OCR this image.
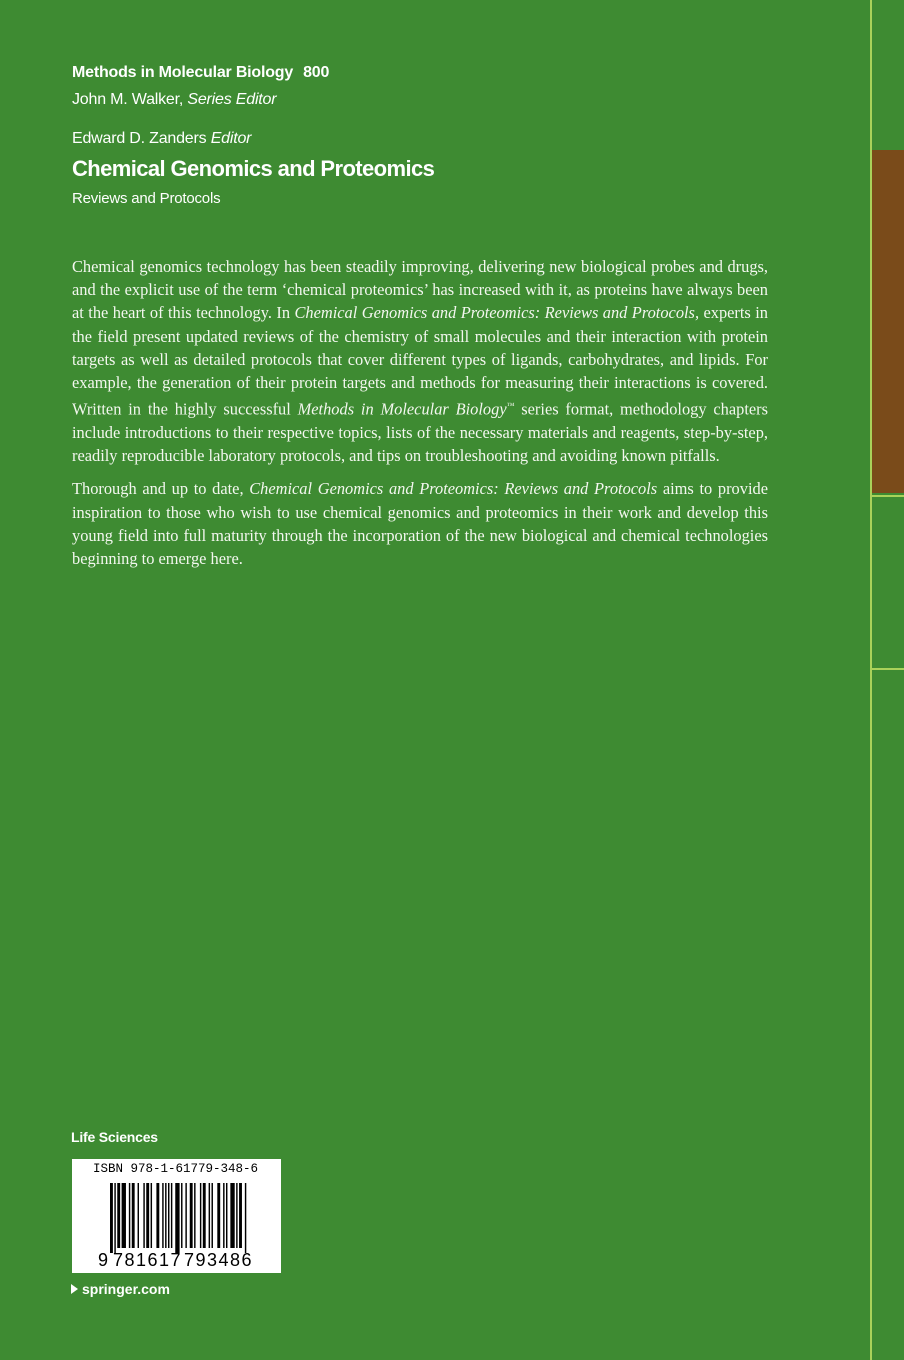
Methods in Molecular Biology 800
John M. Walker, Series Editor
Edward D. Zanders Editor
Chemical Genomics and Proteomics
Reviews and Protocols

Chemical genomics technology has been steadily improving, delivering new biological probes and drugs, and the explicit use of the term ‘chemical proteomics’ has increased with it, as proteins have always been at the heart of this technology. In Chemical Genomics and Proteomics: Reviews and Protocols, experts in the field present updated reviews of the chemistry of small molecules and their interaction with protein targets as well as detailed protocols that cover different types of ligands, carbohydrates, and lipids. For example, the generation of their protein targets and methods for measuring their interactions is covered. Written in the highly successful Methods in Molecular Biology™ series format, methodology chapters include introductions to their respective topics, lists of the necessary materials and reagents, step-by-step, readily reproducible laboratory protocols, and tips on troubleshooting and avoiding known pitfalls.

Thorough and up to date, Chemical Genomics and Proteomics: Reviews and Protocols aims to provide inspiration to those who wish to use chemical genomics and proteomics in their work and develop this young field into full maturity through the incorporation of the new biological and chemical technologies beginning to emerge here.

Life Sciences
ISBN 978-1-61779-348-6
9 781617 793486
springer.com
